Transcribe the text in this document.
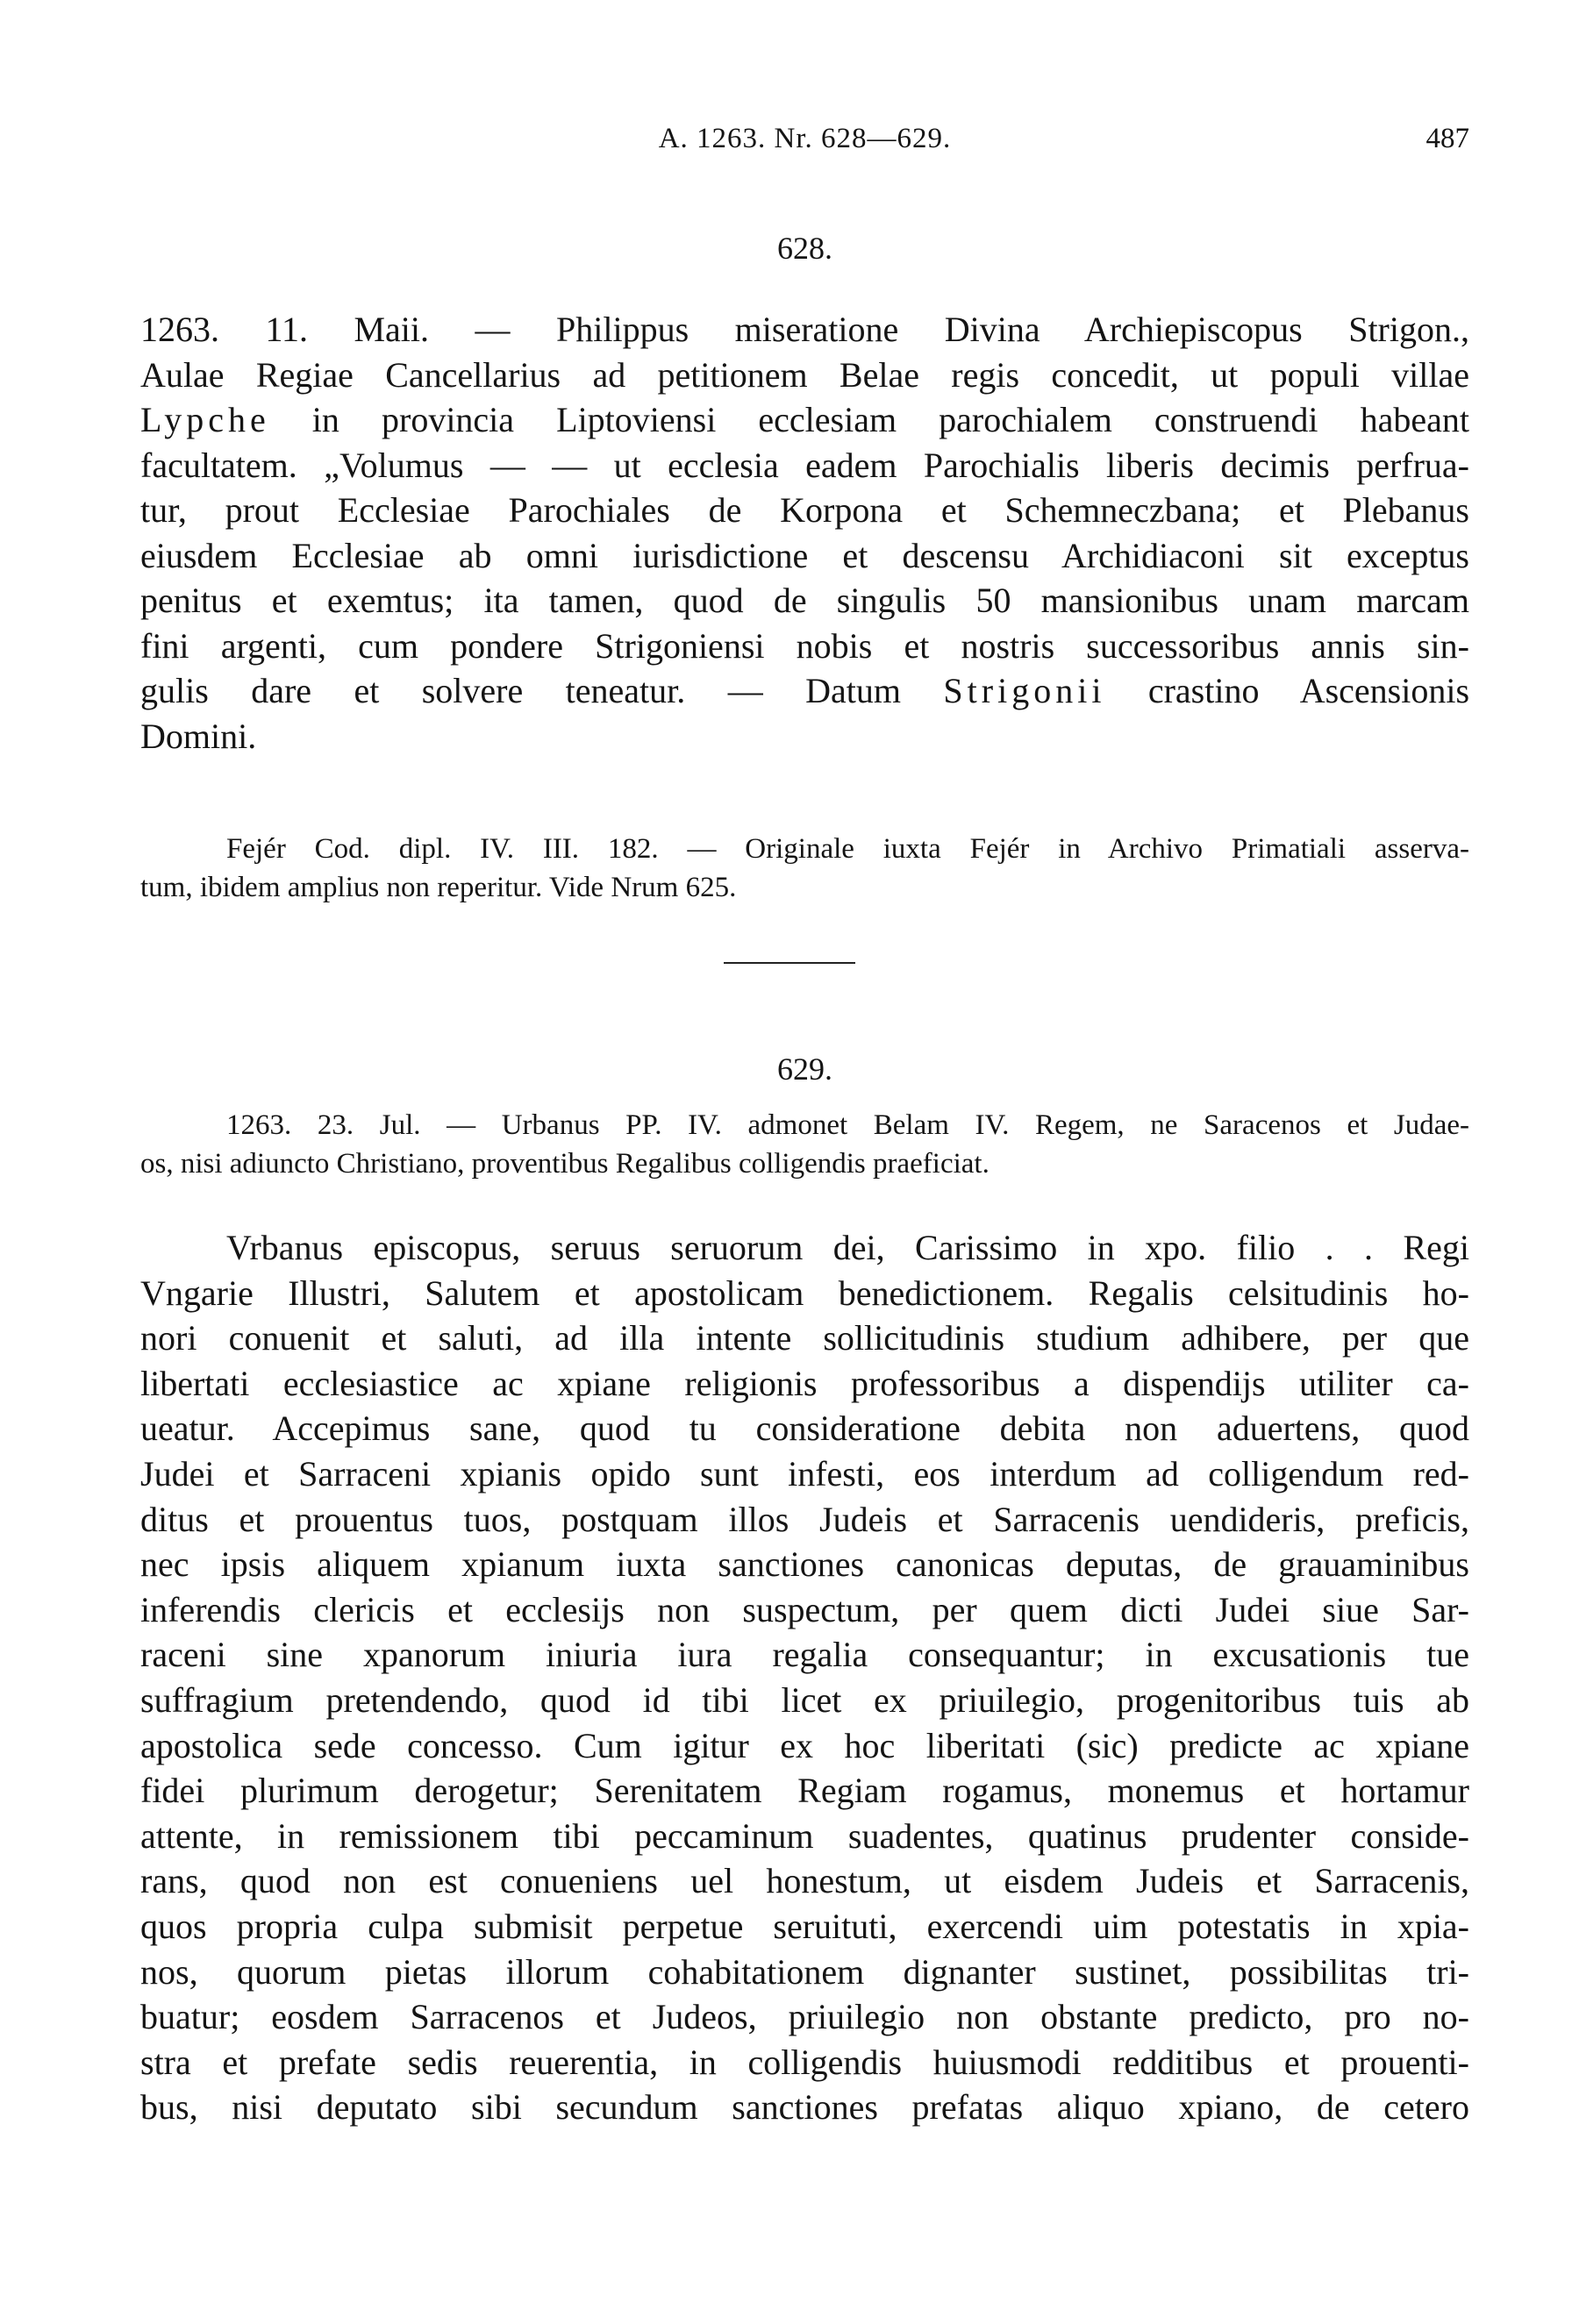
A. 1263. Nr. 628—629.	487
628.
1263. 11. Maii. — Philippus miseratione Divina Archiepiscopus Strigon.,
Aulae Regiae Cancellarius ad petitionem Belae regis concedit, ut populi villae
Lypche in provincia Liptoviensi ecclesiam parochialem construendi habeant
facultatem. „Volumus — — ut ecclesia eadem Parochialis liberis decimis perfrua-
tur, prout Ecclesiae Parochiales de Korpona et Schemneczbana; et Plebanus
eiusdem Ecclesiae ab omni iurisdictione et descensu Archidiaconi sit exceptus
penitus et exemtus; ita tamen, quod de singulis 50 mansionibus unam marcam
fini argenti, cum pondere Strigoniensi nobis et nostris successoribus annis sin-
gulis dare et solvere teneatur. — Datum Strigonii crastino Ascensionis
Domini.
Fejér Cod. dipl. IV. III. 182. — Originale iuxta Fejér in Archivo Primatiali asserva-
tum, ibidem amplius non reperitur. Vide Nrum 625.
629.
1263. 23. Jul. — Urbanus PP. IV. admonet Belam IV. Regem, ne Saracenos et Judae-
os, nisi adiuncto Christiano, proventibus Regalibus colligendis praeficiat.
Vrbanus episcopus, seruus seruorum dei, Carissimo in xpo. filio . . Regi
Vngarie Illustri, Salutem et apostolicam benedictionem. Regalis celsitudinis ho-
nori conuenit et saluti, ad illa intente sollicitudinis studium adhibere, per que
libertati ecclesiastice ac xpiane religionis professoribus a dispendijs utiliter ca-
ueatur. Accepimus sane, quod tu consideratione debita non aduertens, quod
Judei et Sarraceni xpianis opido sunt infesti, eos interdum ad colligendum red-
ditus et prouentus tuos, postquam illos Judeis et Sarracenis uendideris, preficis,
nec ipsis aliquem xpianum iuxta sanctiones canonicas deputas, de grauaminibus
inferendis clericis et ecclesijs non suspectum, per quem dicti Judei siue Sar-
raceni sine xpanorum iniuria iura regalia consequantur; in excusationis tue
suffragium pretendendo, quod id tibi licet ex priuilegio, progenitoribus tuis ab
apostolica sede concesso. Cum igitur ex hoc liberitati (sic) predicte ac xpiane
fidei plurimum derogetur; Serenitatem Regiam rogamus, monemus et hortamur
attente, in remissionem tibi peccaminum suadentes, quatinus prudenter conside-
rans, quod non est conueniens uel honestum, ut eisdem Judeis et Sarracenis,
quos propria culpa submisit perpetue seruituti, exercendi uim potestatis in xpia-
nos, quorum pietas illorum cohabitationem dignanter sustinet, possibilitas tri-
buatur; eosdem Sarracenos et Judeos, priuilegio non obstante predicto, pro no-
stra et prefate sedis reuerentia, in colligendis huiusmodi redditibus et prouenti-
bus, nisi deputato sibi secundum sanctiones prefatas aliquo xpiano, de cetero
